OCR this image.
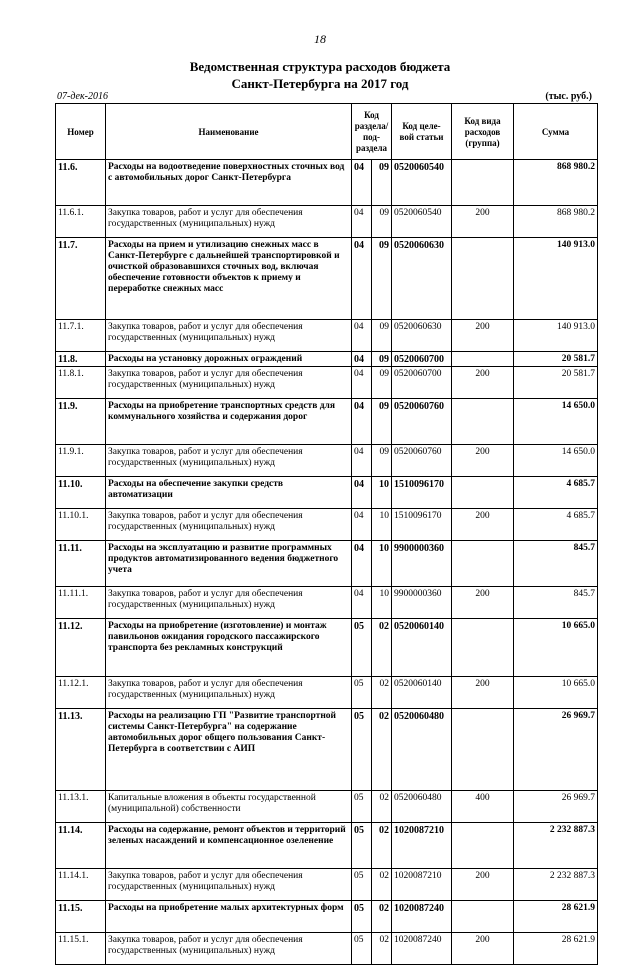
18
Ведомственная структура расходов бюджета
Санкт-Петербурга на 2017 год
07-дек-2016	(тыс. руб.)
Номер	Наименование	Код раздела/ под- раздела		Код целе- вой статьи	Код вида расходов (группа)	Сумма
11.6.	Расходы на водоотведение поверхностных сточных вод с автомобильных дорог Санкт-Петербурга	04	09	0520060540		868 980.2
11.6.1.	Закупка товаров, работ и услуг для обеспечения государственных (муниципальных) нужд	04	09	0520060540	200	868 980.2
11.7.	Расходы на прием и утилизацию снежных масс в Санкт-Петербурге с дальнейшей транспортировкой и очисткой образовавшихся сточных вод, включая обеспечение готовности объектов к приему и переработке снежных масс	04	09	0520060630		140 913.0
11.7.1.	Закупка товаров, работ и услуг для обеспечения государственных (муниципальных) нужд	04	09	0520060630	200	140 913.0
11.8.	Расходы на установку дорожных ограждений	04	09	0520060700		20 581.7
11.8.1.	Закупка товаров, работ и услуг для обеспечения государственных (муниципальных) нужд	04	09	0520060700	200	20 581.7
11.9.	Расходы на приобретение транспортных средств для коммунального хозяйства и содержания дорог	04	09	0520060760		14 650.0
11.9.1.	Закупка товаров, работ и услуг для обеспечения государственных (муниципальных) нужд	04	09	0520060760	200	14 650.0
11.10.	Расходы на обеспечение закупки средств автоматизации	04	10	1510096170		4 685.7
11.10.1.	Закупка товаров, работ и услуг для обеспечения государственных (муниципальных) нужд	04	10	1510096170	200	4 685.7
11.11.	Расходы на эксплуатацию и развитие программных продуктов автоматизированного ведения бюджетного учета	04	10	9900000360		845.7
11.11.1.	Закупка товаров, работ и услуг для обеспечения государственных (муниципальных) нужд	04	10	9900000360	200	845.7
11.12.	Расходы на приобретение (изготовление) и монтаж павильонов ожидания городского пассажирского транспорта без рекламных конструкций	05	02	0520060140		10 665.0
11.12.1.	Закупка товаров, работ и услуг для обеспечения государственных (муниципальных) нужд	05	02	0520060140	200	10 665.0
11.13.	Расходы на реализацию ГП "Развитие транспортной системы Санкт-Петербурга" на содержание автомобильных дорог общего пользования Санкт-Петербурга в соответствии с АИП	05	02	0520060480		26 969.7
11.13.1.	Капитальные вложения в объекты государственной (муниципальной) собственности	05	02	0520060480	400	26 969.7
11.14.	Расходы на содержание, ремонт объектов и территорий зеленых насаждений и компенсационное озеленение	05	02	1020087210		2 232 887.3
11.14.1.	Закупка товаров, работ и услуг для обеспечения государственных (муниципальных) нужд	05	02	1020087210	200	2 232 887.3
11.15.	Расходы на приобретение малых архитектурных форм	05	02	1020087240		28 621.9
11.15.1.	Закупка товаров, работ и услуг для обеспечения государственных (муниципальных) нужд	05	02	1020087240	200	28 621.9
